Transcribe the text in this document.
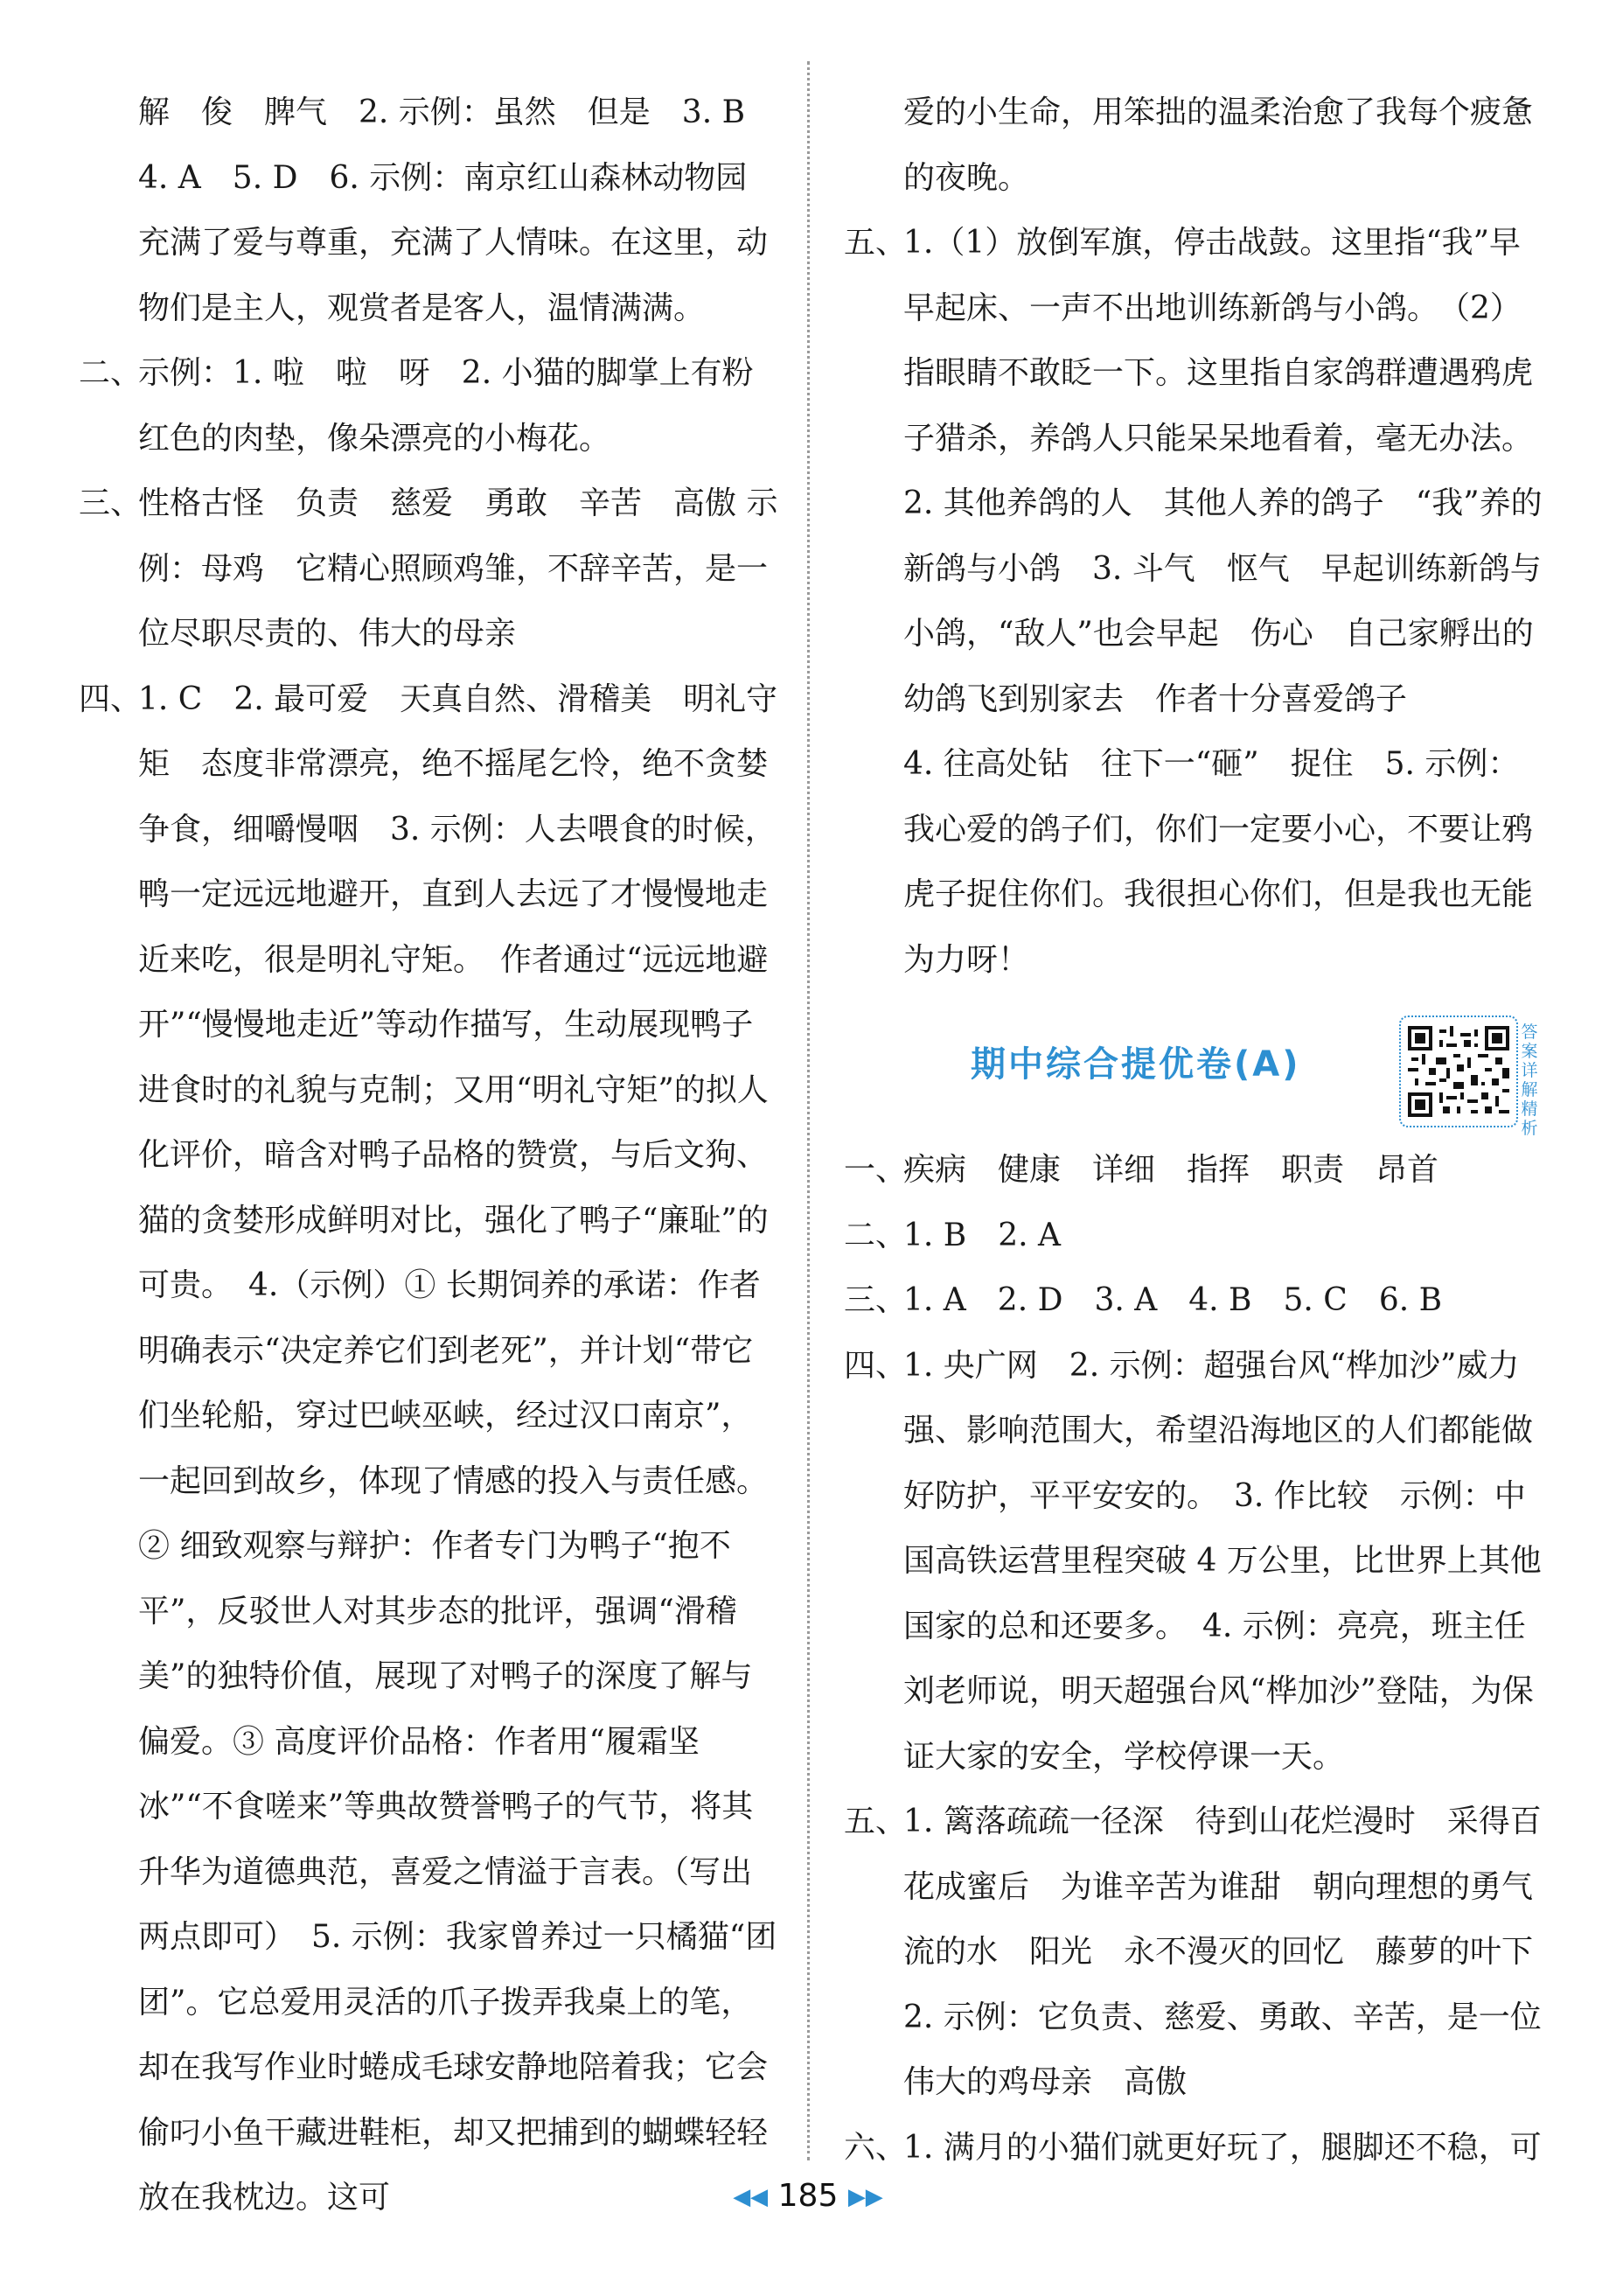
解　俊　脾气　2. 示例：虽然　但是　3. B

4. A　5. D　6. 示例：南京红山森林动物园充满了爱与尊重，充满了人情味。在这里，动物们是主人，观赏者是客人，温情满满。

二、
示例：1. 啦　啦　呀　2. 小猫的脚掌上有粉红色的肉垫，像朵漂亮的小梅花。

三、
性格古怪　负责　慈爱　勇敢　辛苦　高傲 示例：母鸡　它精心照顾鸡雏，不辞辛苦，是一位尽职尽责的、伟大的母亲

四、
1. C　2. 最可爱　天真自然、滑稽美　明礼守矩　态度非常漂亮，绝不摇尾乞怜，绝不贪婪争食，细嚼慢咽　3. 示例：人去喂食的时候，鸭一定远远地避开，直到人去远了才慢慢地走近来吃，很是明礼守矩。　作者通过“远远地避开”“慢慢地走近”等动作描写，生动展现鸭子进食时的礼貌与克制；又用“明礼守矩”的拟人化评价，暗含对鸭子品格的赞赏，与后文狗、猫的贪婪形成鲜明对比，强化了鸭子“廉耻”的可贵。　4.（示例）① 长期饲养的承诺：作者明确表示“决定养它们到老死”，并计划“带它们坐轮船，穿过巴峡巫峡，经过汉口南京”，一起回到故乡，体现了情感的投入与责任感。② 细致观察与辩护：作者专门为鸭子“抱不平”，反驳世人对其步态的批评，强调“滑稽美”的独特价值，展现了对鸭子的深度了解与偏爱。③ 高度评价品格：作者用“履霜坚冰”“不食嗟来”等典故赞誉鸭子的气节，将其升华为道德典范，喜爱之情溢于言表。（写出两点即可）　5. 示例：我家曾养过一只橘猫“团团”。它总爱用灵活的爪子拨弄我桌上的笔，却在我写作业时蜷成毛球安静地陪着我；它会偷叼小鱼干藏进鞋柜，却又把捕到的蝴蝶轻轻放在我枕边。这可

爱的小生命，用笨拙的温柔治愈了我每个疲惫的夜晚。

五、
1.（1）放倒军旗，停击战鼓。这里指“我”早早起床、一声不出地训练新鸽与小鸽。　（2）指眼睛不敢眨一下。这里指自家鸽群遭遇鸦虎子猎杀，养鸽人只能呆呆地看着，毫无办法。

2. 其他养鸽的人　其他人养的鸽子　“我”养的新鸽与小鸽　3. 斗气　怄气　早起训练新鸽与小鸽，“敌人”也会早起　伤心　自己家孵出的幼鸽飞到别家去　作者十分喜爱鸽子

4. 往高处钻　往下一“砸”　捉住　5. 示例：我心爱的鸽子们，你们一定要小心，不要让鸦虎子捉住你们。我很担心你们，但是我也无能为力呀！

期中综合提优卷(A)
答案详解精析

一、
疾病　健康　详细　指挥　职责　昂首

二、
1. B　2. A

三、
1. A　2. D　3. A　4. B　5. C　6. B

四、
1. 央广网　2. 示例：超强台风“桦加沙”威力强、影响范围大，希望沿海地区的人们都能做好防护，平平安安的。　3. 作比较　示例：中国高铁运营里程突破 4 万公里，比世界上其他国家的总和还要多。　4. 示例：亮亮，班主任刘老师说，明天超强台风“桦加沙”登陆，为保证大家的安全，学校停课一天。

五、
1. 篱落疏疏一径深　待到山花烂漫时　采得百花成蜜后　为谁辛苦为谁甜　朝向理想的勇气　流的水　阳光　永不漫灭的回忆　藤萝的叶下　2. 示例：它负责、慈爱、勇敢、辛苦，是一位伟大的鸡母亲　高傲

六、
1. 满月的小猫们就更好玩了，腿脚还不稳，可

◀◀ 185 ▶▶
